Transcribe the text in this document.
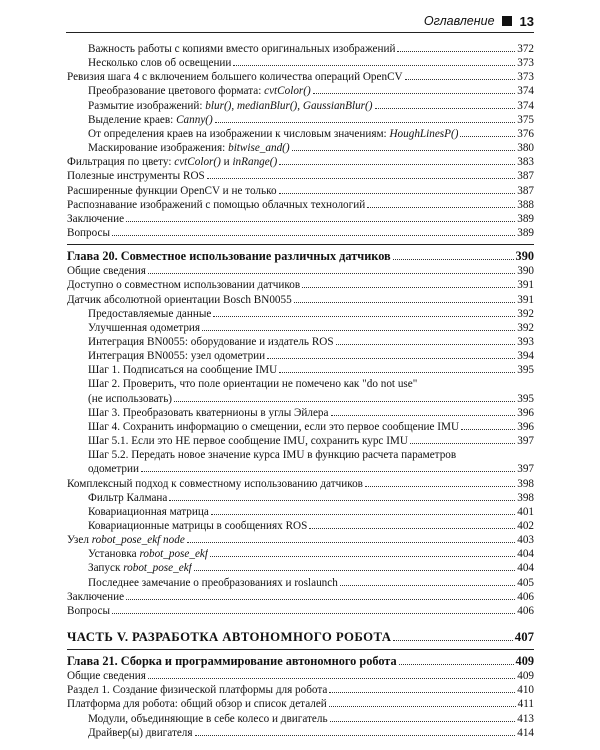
Оглавление 13
Важность работы с копиями вместо оригинальных изображений	372
Несколько слов об освещении	373
Ревизия шага 4 с включением большего количества операций OpenCV	373
Преобразование цветового формата: cvtColor()	374
Размытие изображений: blur(), medianBlur(), GaussianBlur()	374
Выделение краев: Canny()	375
От определения краев на изображении к числовым значениям: HoughLinesP()	376
Маскирование изображения: bitwise_and()	380
Фильтрация по цвету: cvtColor() и inRange()	383
Полезные инструменты ROS	387
Расширенные функции OpenCV и не только	387
Распознавание изображений с помощью облачных технологий	388
Заключение	389
Вопросы	389
Глава 20. Совместное использование различных датчиков	390
Общие сведения	390
Доступно о совместном использовании датчиков	391
Датчик абсолютной ориентации Bosch BN0055	391
Предоставляемые данные	392
Улучшенная одометрия	392
Интеграция BN0055: оборудование и издатель ROS	393
Интеграция BN0055: узел одометрии	394
Шаг 1. Подписаться на сообщение IMU	395
Шаг 2. Проверить, что поле ориентации не помечено как "do not use"
(не использовать)	395
Шаг 3. Преобразовать кватернионы в углы Эйлера	396
Шаг 4. Сохранить информацию о смещении, если это первое сообщение IMU	396
Шаг 5.1. Если это НЕ первое сообщение IMU, сохранить курс IMU	397
Шаг 5.2. Передать новое значение курса IMU в функцию расчета параметров
одометрии	397
Комплексный подход к совместному использованию датчиков	398
Фильтр Калмана	398
Ковариационная матрица	401
Ковариационные матрицы в сообщениях ROS	402
Узел robot_pose_ekf node	403
Установка robot_pose_ekf	404
Запуск robot_pose_ekf	404
Последнее замечание о преобразованиях и roslaunch	405
Заключение	406
Вопросы	406
ЧАСТЬ V. РАЗРАБОТКА АВТОНОМНОГО РОБОТА	407
Глава 21. Сборка и программирование автономного робота	409
Общие сведения	409
Раздел 1. Создание физической платформы для робота	410
Платформа для робота: общий обзор и список деталей	411
Модули, объединяющие в себе колесо и двигатель	413
Драйвер(ы) двигателя	414
